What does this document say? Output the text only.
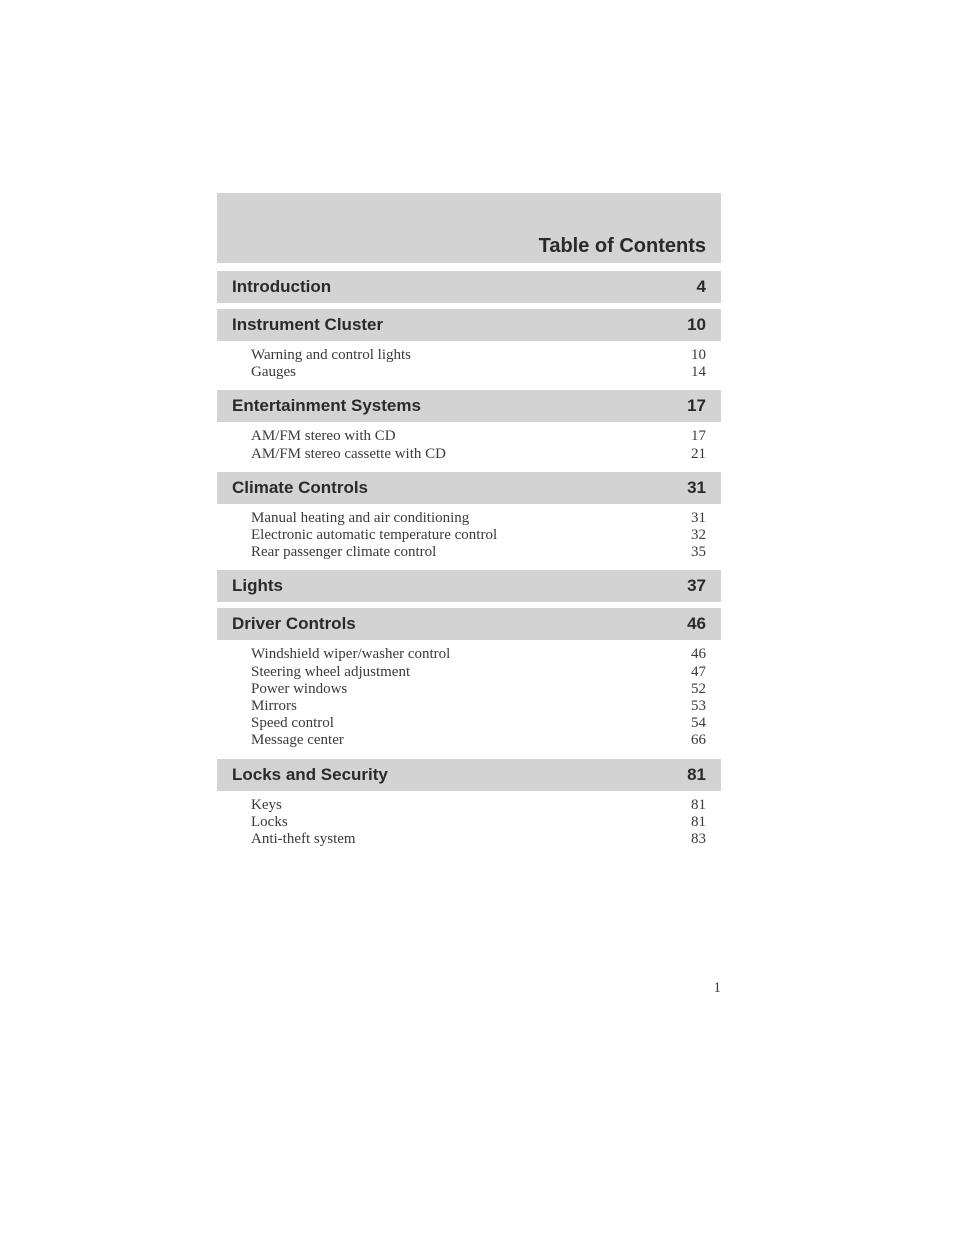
Table of Contents
Introduction	4
Instrument Cluster	10
Warning and control lights	10
Gauges	14
Entertainment Systems	17
AM/FM stereo with CD	17
AM/FM stereo cassette with CD	21
Climate Controls	31
Manual heating and air conditioning	31
Electronic automatic temperature control	32
Rear passenger climate control	35
Lights	37
Driver Controls	46
Windshield wiper/washer control	46
Steering wheel adjustment	47
Power windows	52
Mirrors	53
Speed control	54
Message center	66
Locks and Security	81
Keys	81
Locks	81
Anti-theft system	83
1
